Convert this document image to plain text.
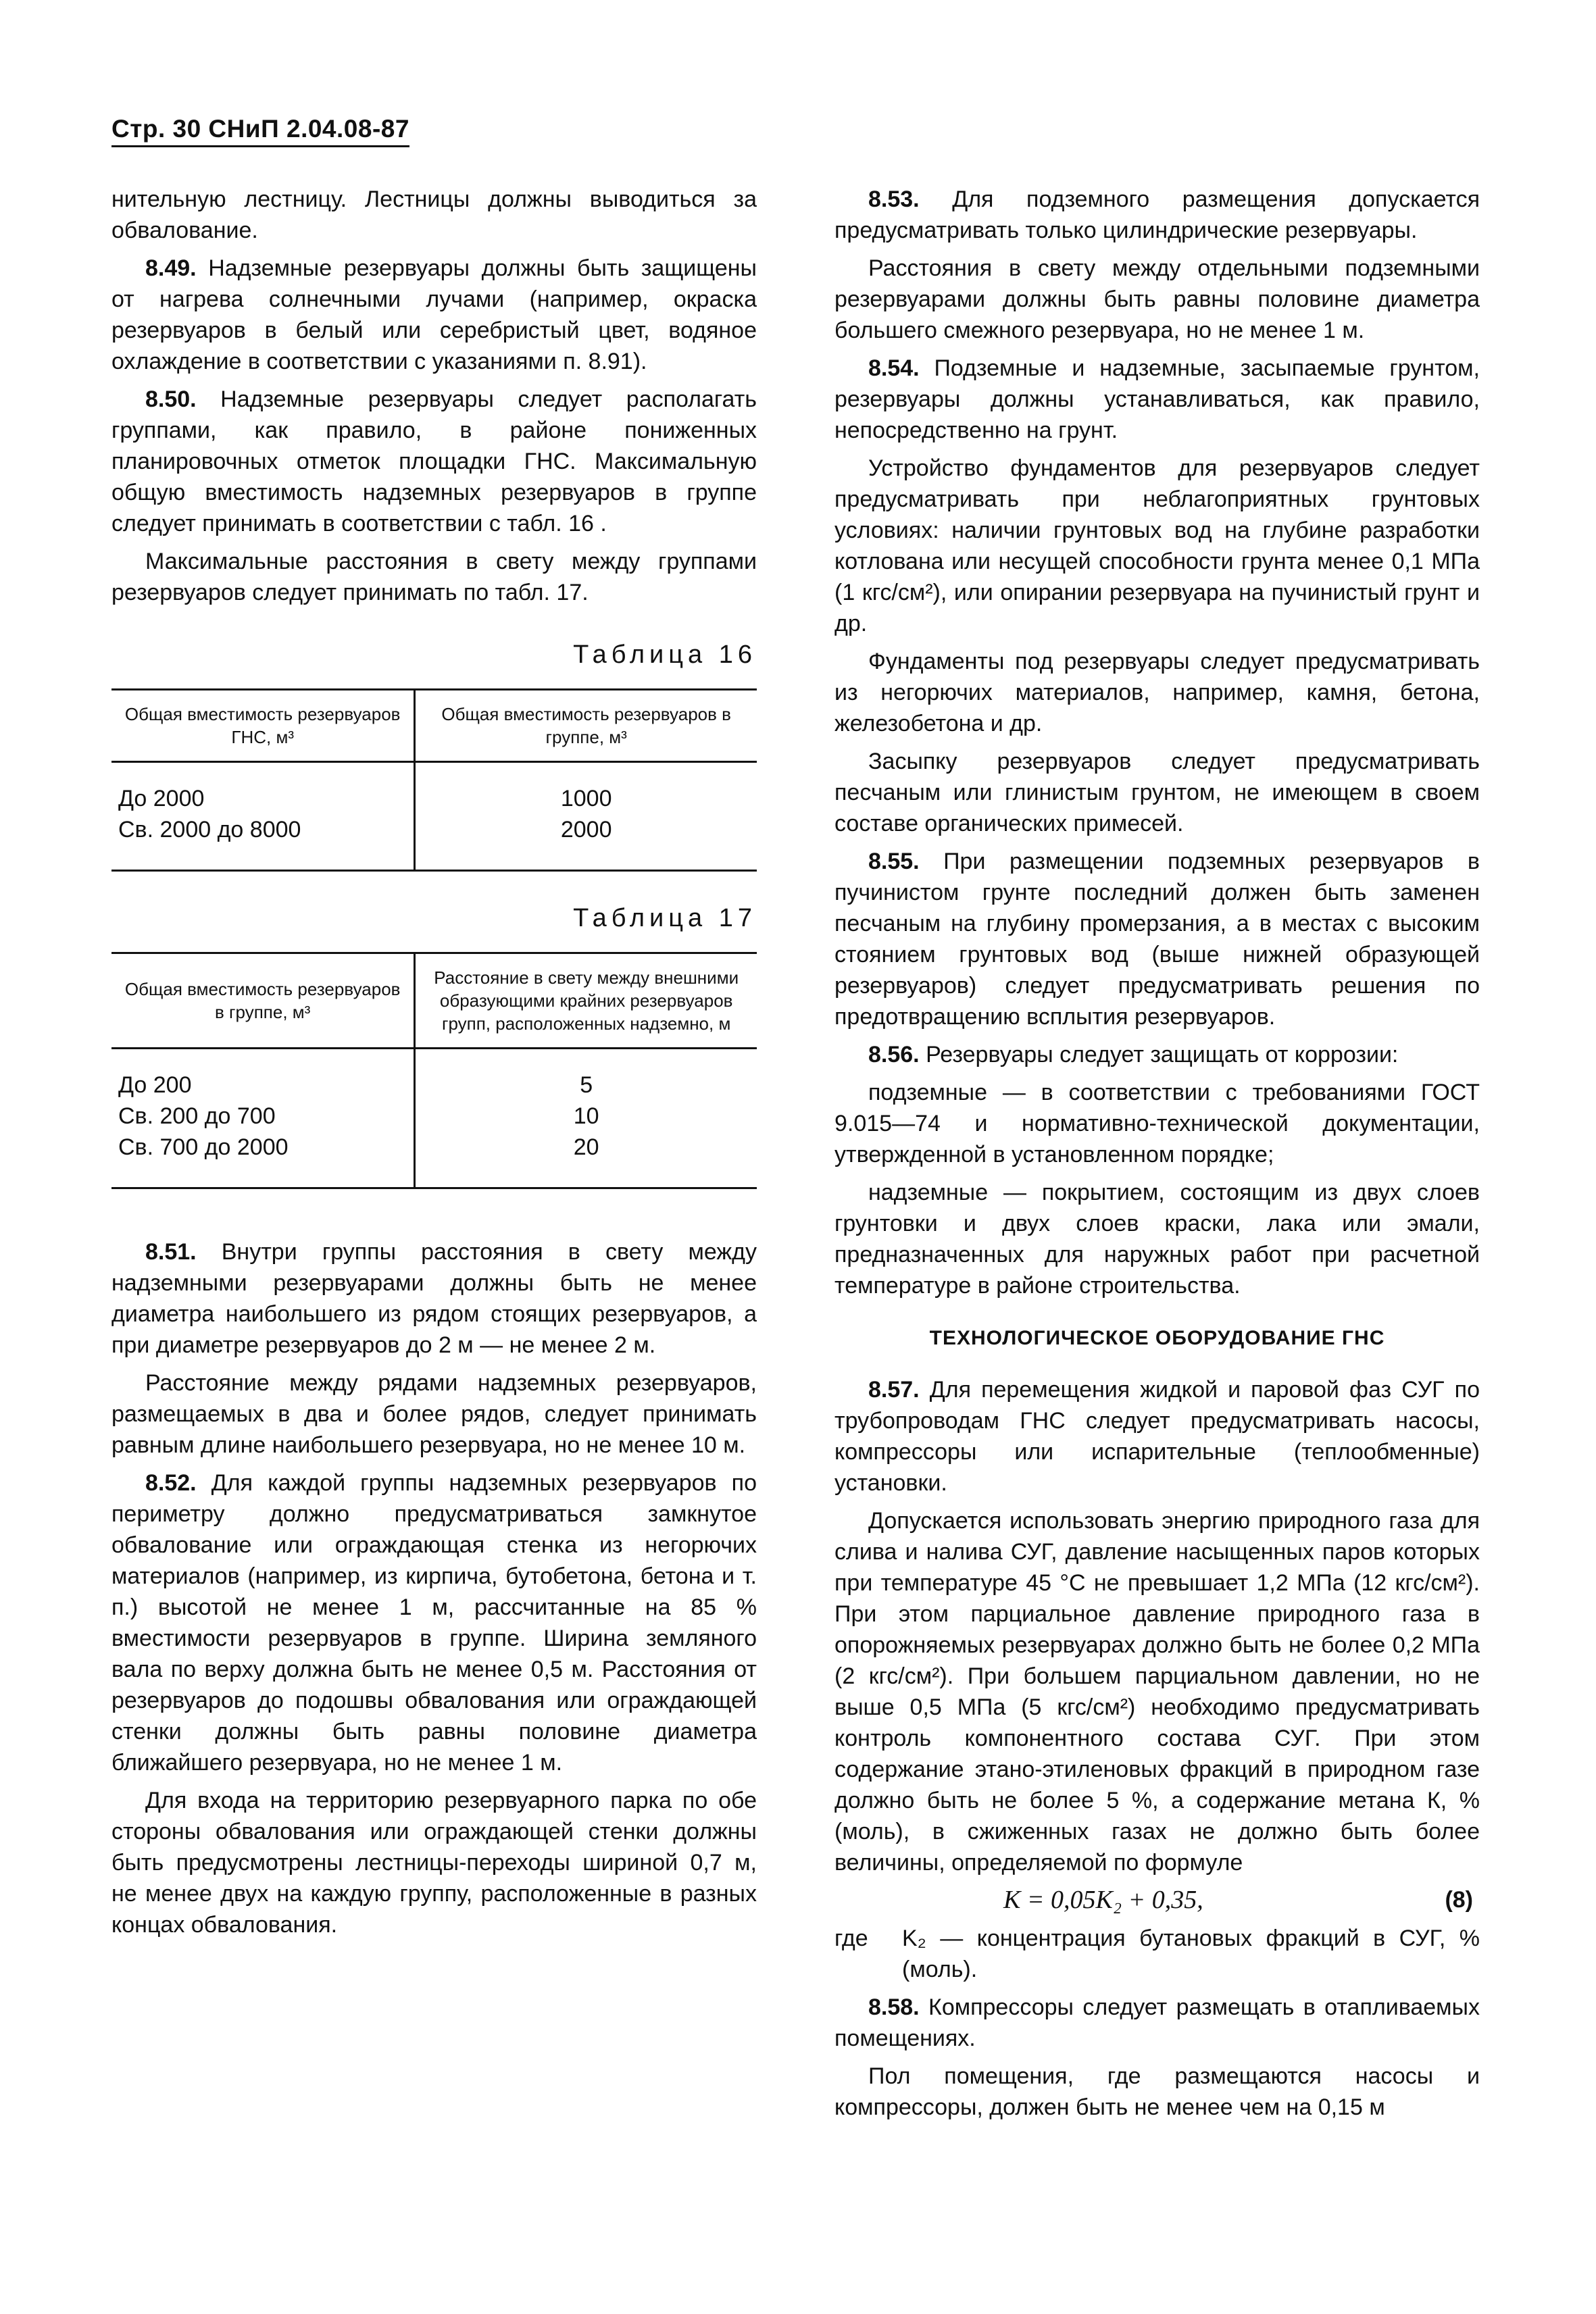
Стр. 30 СНиП 2.04.08-87

нительную лестницу. Лестницы должны выводиться за обвалование.

8.49. Надземные резервуары должны быть защищены от нагрева солнечными лучами (например, окраска резервуаров в белый или серебристый цвет, водяное охлаждение в соответствии с указаниями п. 8.91).

8.50. Надземные резервуары следует располагать группами, как правило, в районе пониженных планировочных отметок площадки ГНС. Максимальную общую вместимость надземных резервуаров в группе следует принимать в соответствии с табл. 16 .

Максимальные расстояния в свету между группами резервуаров следует принимать по табл. 17.

Таблица 16
Общая вместимость резервуаров ГНС, м³	Общая вместимость резервуаров в группе, м³
До 2000	1000
Св. 2000 до 8000	2000
Таблица 17
Общая вместимость резервуаров в группе, м³	Расстояние в свету между внешними образующими крайних резервуаров групп, расположенных надземно, м
До 200	5
Св. 200 до 700	10
Св. 700 до 2000	20

8.51. Внутри группы расстояния в свету между надземными резервуарами должны быть не менее диаметра наибольшего из рядом стоящих резервуаров, а при диаметре резервуаров до 2 м — не менее 2 м.

Расстояние между рядами надземных резервуаров, размещаемых в два и более рядов, следует принимать равным длине наибольшего резервуара, но не менее 10 м.

8.52. Для каждой группы надземных резервуаров по периметру должно предусматриваться замкнутое обвалование или ограждающая стенка из негорючих материалов (например, из кирпича, бутобетона, бетона и т. п.) высотой не менее 1 м, рассчитанные на 85 % вместимости резервуаров в группе. Ширина земляного вала по верху должна быть не менее 0,5 м. Расстояния от резервуаров до подошвы обвалования или ограждающей стенки должны быть равны половине диаметра ближайшего резервуара, но не менее 1 м.

Для входа на территорию резервуарного парка по обе стороны обвалования или ограждающей стенки должны быть предусмотрены лестницы-переходы шириной 0,7 м, не менее двух на каждую группу, расположенные в разных концах обвалования.

8.53. Для подземного размещения допускается предусматривать только цилиндрические резервуары.

Расстояния в свету между отдельными подземными резервуарами должны быть равны половине диаметра большего смежного резервуара, но не менее 1 м.

8.54. Подземные и надземные, засыпаемые грунтом, резервуары должны устанавливаться, как правило, непосредственно на грунт.

Устройство фундаментов для резервуаров следует предусматривать при неблагоприятных грунтовых условиях: наличии грунтовых вод на глубине разработки котлована или несущей способности грунта менее 0,1 МПа (1 кгс/см²), или опирании резервуара на пучинистый грунт и др.

Фундаменты под резервуары следует предусматривать из негорючих материалов, например, камня, бетона, железобетона и др.

Засыпку резервуаров следует предусматривать песчаным или глинистым грунтом, не имеющем в своем составе органических примесей.

8.55. При размещении подземных резервуаров в пучинистом грунте последний должен быть заменен песчаным на глубину промерзания, а в местах с высоким стоянием грунтовых вод (выше нижней образующей резервуаров) следует предусматривать решения по предотвращению всплытия резервуаров.

8.56. Резервуары следует защищать от коррозии:

подземные — в соответствии с требованиями ГОСТ 9.015—74 и нормативно-технической документации, утвержденной в установленном порядке;

надземные — покрытием, состоящим из двух слоев грунтовки и двух слоев краски, лака или эмали, предназначенных для наружных работ при расчетной температуре в районе строительства.

ТЕХНОЛОГИЧЕСКОЕ ОБОРУДОВАНИЕ ГНС

8.57. Для перемещения жидкой и паровой фаз СУГ по трубопроводам ГНС следует предусматривать насосы, компрессоры или испарительные (теплообменные) установки.

Допускается использовать энергию природного газа для слива и налива СУГ, давление насыщенных паров которых при температуре 45 °С не превышает 1,2 МПа (12 кгс/см²). При этом парциальное давление природного газа в опорожняемых резервуарах должно быть не более 0,2 МПа (2 кгс/см²). При большем парциальном давлении, но не выше 0,5 МПа (5 кгс/см²) необходимо предусматривать контроль компонентного состава СУГ. При этом содержание этано-этиленовых фракций в природном газе должно быть не более 5 %, а содержание метана К, % (моль), в сжиженных газах не должно быть более величины, определяемой по формуле

K = 0,05K₂ + 0,35,	(8)
где	K₂ — концентрация бутановых фракций в СУГ, % (моль).

8.58. Компрессоры следует размещать в отапливаемых помещениях.

Пол помещения, где размещаются насосы и компрессоры, должен быть не менее чем на 0,15 м
